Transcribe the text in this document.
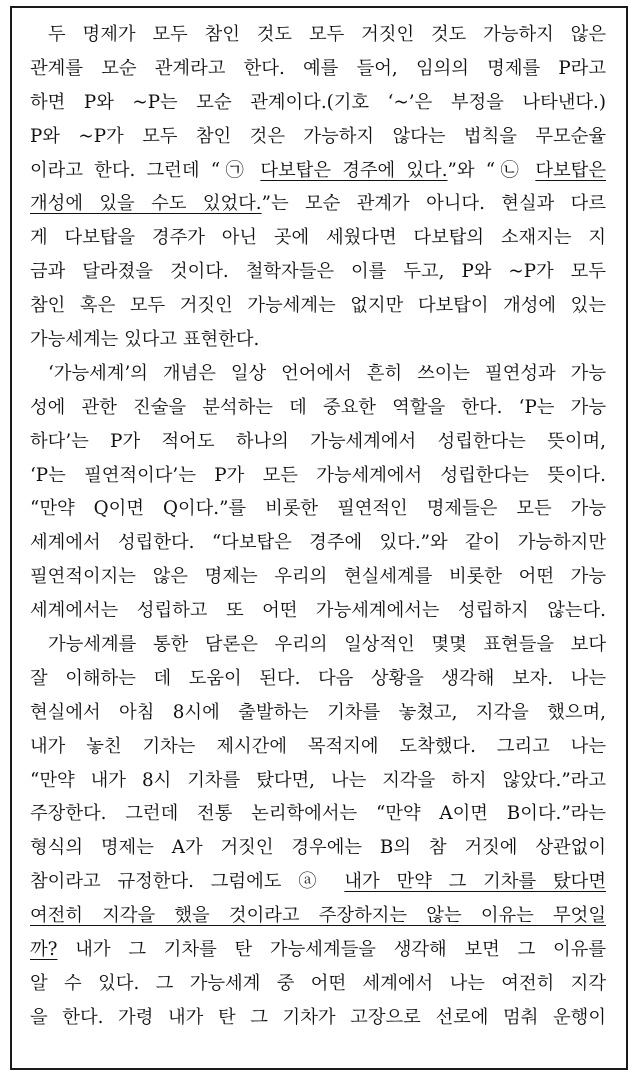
두 명제가 모두 참인 것도 모두 거짓인 것도 가능하지 않은
관계를 모순 관계라고 한다. 예를 들어, 임의의 명제를 P라고
하면 P와 ~P는 모순 관계이다.(기호 ‘~’은 부정을 나타낸다.)
P와 ~P가 모두 참인 것은 가능하지 않다는 법칙을 무모순율
이라고 한다. 그런데 “㉠ 다보탑은 경주에 있다.”와 “㉡ 다보탑은
개성에 있을 수도 있었다.”는 모순 관계가 아니다. 현실과 다르
게 다보탑을 경주가 아닌 곳에 세웠다면 다보탑의 소재지는 지
금과 달라졌을 것이다. 철학자들은 이를 두고, P와 ~P가 모두
참인 혹은 모두 거짓인 가능세계는 없지만 다보탑이 개성에 있는
가능세계는 있다고 표현한다.
‘가능세계’의 개념은 일상 언어에서 흔히 쓰이는 필연성과 가능
성에 관한 진술을 분석하는 데 중요한 역할을 한다. ‘P는 가능
하다’는 P가 적어도 하나의 가능세계에서 성립한다는 뜻이며,
‘P는 필연적이다’는 P가 모든 가능세계에서 성립한다는 뜻이다.
“만약 Q이면 Q이다.”를 비롯한 필연적인 명제들은 모든 가능
세계에서 성립한다. “다보탑은 경주에 있다.”와 같이 가능하지만
필연적이지는 않은 명제는 우리의 현실세계를 비롯한 어떤 가능
세계에서는 성립하고 또 어떤 가능세계에서는 성립하지 않는다.
가능세계를 통한 담론은 우리의 일상적인 몇몇 표현들을 보다
잘 이해하는 데 도움이 된다. 다음 상황을 생각해 보자. 나는
현실에서 아침 8시에 출발하는 기차를 놓쳤고, 지각을 했으며,
내가 놓친 기차는 제시간에 목적지에 도착했다. 그리고 나는
“만약 내가 8시 기차를 탔다면, 나는 지각을 하지 않았다.”라고
주장한다. 그런데 전통 논리학에서는 “만약 A이면 B이다.”라는
형식의 명제는 A가 거짓인 경우에는 B의 참 거짓에 상관없이
참이라고 규정한다. 그럼에도 ⓐ 내가 만약 그 기차를 탔다면
여전히 지각을 했을 것이라고 주장하지는 않는 이유는 무엇일
까? 내가 그 기차를 탄 가능세계들을 생각해 보면 그 이유를
알 수 있다. 그 가능세계 중 어떤 세계에서 나는 여전히 지각
을 한다. 가령 내가 탄 그 기차가 고장으로 선로에 멈춰 운행이
